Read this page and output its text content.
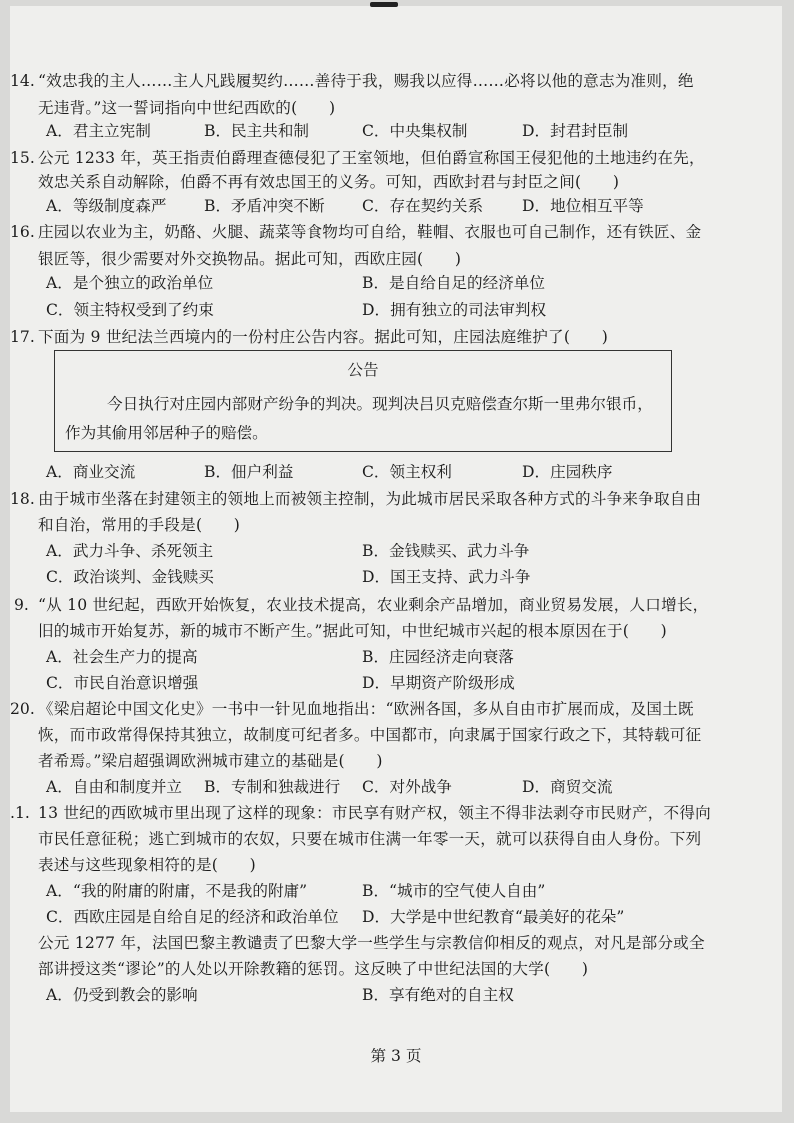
14. “效忠我的主人……主人凡践履契约……善待于我，赐我以应得……必将以他的意志为准则，绝
无违背。”这一誓词指向中世纪西欧的(　　)
A．君主立宪制	B．民主共和制	C．中央集权制	D．封君封臣制
15. 公元 1233 年，英王指责伯爵理查德侵犯了王室领地，但伯爵宣称国王侵犯他的土地违约在先，
效忠关系自动解除，伯爵不再有效忠国王的义务。可知，西欧封君与封臣之间(　　)
A．等级制度森严 B．矛盾冲突不断 C．存在契约关系 D．地位相互平等
16. 庄园以农业为主，奶酪、火腿、蔬菜等食物均可自给，鞋帽、衣服也可自己制作，还有铁匠、金
银匠等，很少需要对外交换物品。据此可知，西欧庄园(　　)
A．是个独立的政治单位	B．是自给自足的经济单位
C．领主特权受到了约束	D．拥有独立的司法审判权
17. 下面为 9 世纪法兰西境内的一份村庄公告内容。据此可知，庄园法庭维护了(　　)
公告
今日执行对庄园内部财产纷争的判决。现判决吕贝克赔偿查尔斯一里弗尔银币，
作为其偷用邻居种子的赔偿。
A．商业交流	B．佃户利益	C．领主权利	D．庄园秩序
18. 由于城市坐落在封建领主的领地上而被领主控制，为此城市居民采取各种方式的斗争来争取自由
和自治，常用的手段是(　　)
A．武力斗争、杀死领主	B．金钱赎买、武力斗争
C．政治谈判、金钱赎买	D．国王支持、武力斗争
9. “从 10 世纪起，西欧开始恢复，农业技术提高，农业剩余产品增加，商业贸易发展，人口增长，
旧的城市开始复苏，新的城市不断产生。”据此可知，中世纪城市兴起的根本原因在于(　　)
A．社会生产力的提高	B．庄园经济走向衰落
C．市民自治意识增强	D．早期资产阶级形成
20. 《梁启超论中国文化史》一书中一针见血地指出：“欧洲各国，多从自由市扩展而成，及国土既
恢，而市政常得保持其独立，故制度可纪者多。中国都市，向隶属于国家行政之下，其特载可征
者希焉。”梁启超强调欧洲城市建立的基础是(　　)
A．自由和制度并立 B．专制和独裁进行 C．对外战争	D．商贸交流
.1. 13 世纪的西欧城市里出现了这样的现象：市民享有财产权，领主不得非法剥夺市民财产，不得向
市民任意征税；逃亡到城市的农奴，只要在城市住满一年零一天，就可以获得自由人身份。下列
表述与这些现象相符的是(　　)
A．“我的附庸的附庸，不是我的附庸”	B．“城市的空气使人自由”
C．西欧庄园是自给自足的经济和政治单位 D．大学是中世纪教育“最美好的花朵”
公元 1277 年，法国巴黎主教谴责了巴黎大学一些学生与宗教信仰相反的观点，对凡是部分或全
部讲授这类“谬论”的人处以开除教籍的惩罚。这反映了中世纪法国的大学(　　)
A．仍受到教会的影响	B．享有绝对的自主权
第 3 页
